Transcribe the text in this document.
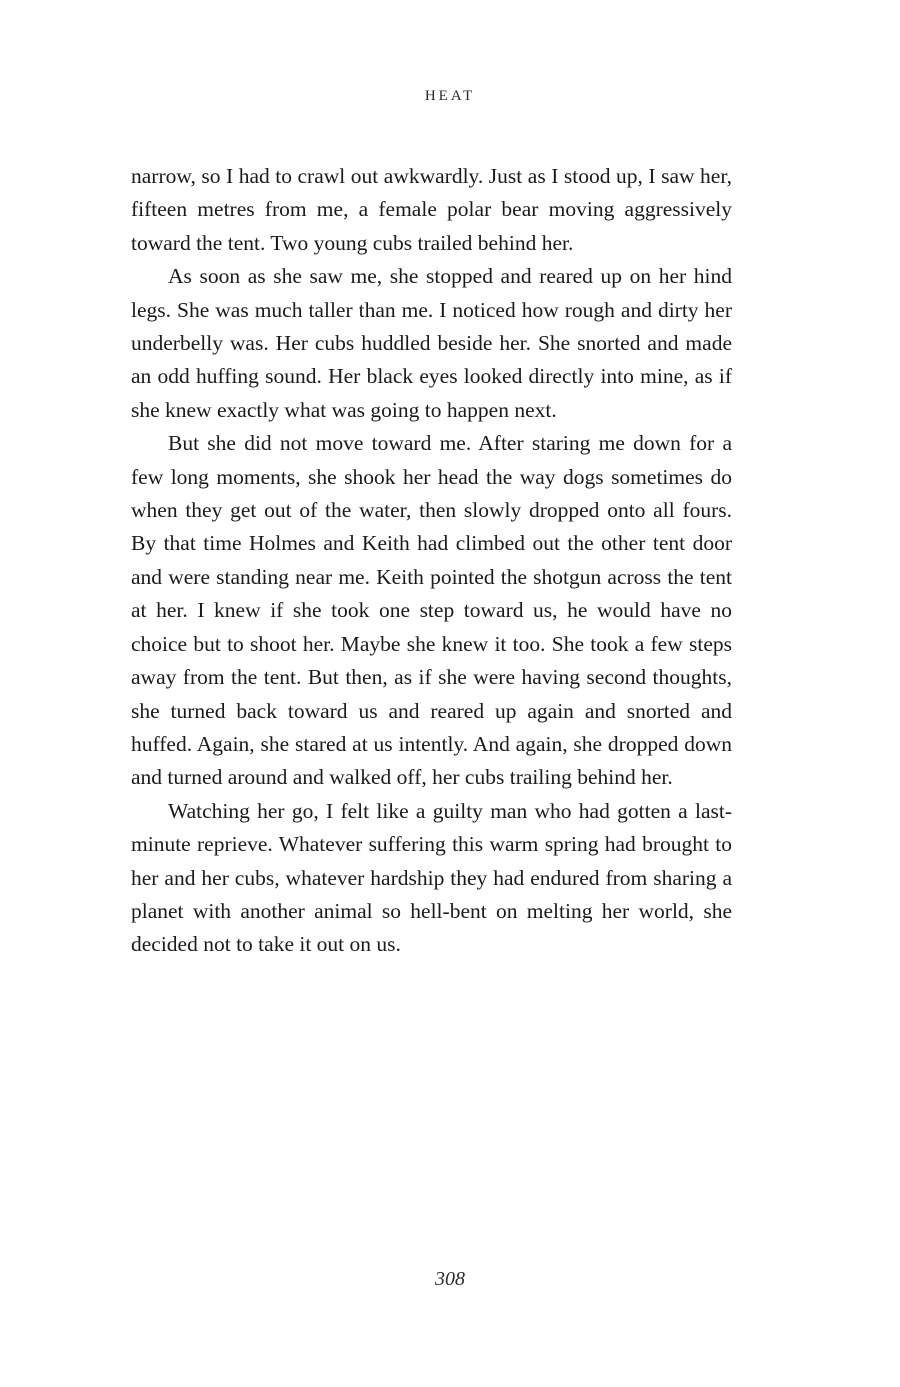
HEAT

narrow, so I had to crawl out awkwardly. Just as I stood up, I saw her, fifteen metres from me, a female polar bear moving aggressively toward the tent. Two young cubs trailed behind her.

As soon as she saw me, she stopped and reared up on her hind legs. She was much taller than me. I noticed how rough and dirty her underbelly was. Her cubs huddled beside her. She snorted and made an odd huffing sound. Her black eyes looked directly into mine, as if she knew exactly what was going to happen next.

But she did not move toward me. After staring me down for a few long moments, she shook her head the way dogs sometimes do when they get out of the water, then slowly dropped onto all fours. By that time Holmes and Keith had climbed out the other tent door and were standing near me. Keith pointed the shotgun across the tent at her. I knew if she took one step toward us, he would have no choice but to shoot her. Maybe she knew it too. She took a few steps away from the tent. But then, as if she were having second thoughts, she turned back toward us and reared up again and snorted and huffed. Again, she stared at us intently. And again, she dropped down and turned around and walked off, her cubs trailing behind her.

Watching her go, I felt like a guilty man who had gotten a last-minute reprieve. Whatever suffering this warm spring had brought to her and her cubs, whatever hardship they had endured from sharing a planet with another animal so hell-bent on melting her world, she decided not to take it out on us.

308
